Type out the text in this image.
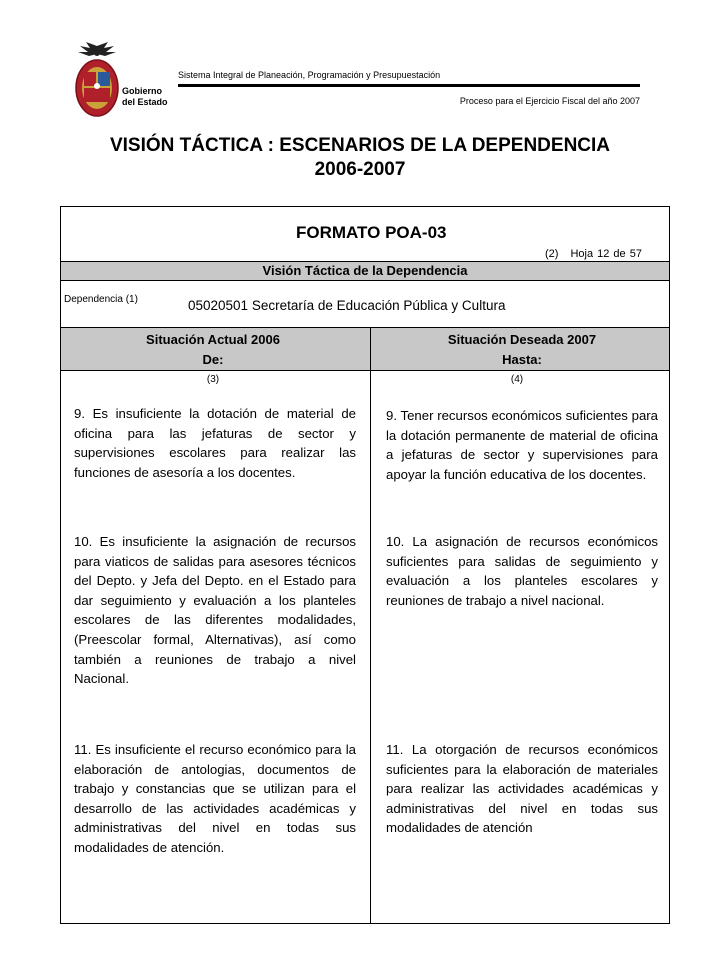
Gobierno
del Estado
Sistema Integral de Planeación, Programación y Presupuestación
Proceso para el Ejercicio Fiscal del año 2007
VISIÓN TÁCTICA : ESCENARIOS DE LA DEPENDENCIA
2006-2007
FORMATO POA-03
(2) Hoja 12 de 57
Visión Táctica de la Dependencia
Dependencia (1)	05020501 Secretaría de Educación Pública y Cultura
Situación Actual 2006
De:
Situación Deseada 2007
Hasta:
(3)	(4)
9. Es insuficiente la dotación de material de oficina para las jefaturas de sector y supervisiones escolares para realizar las funciones de asesoría a los docentes.
9. Tener recursos económicos suficientes para la dotación permanente de material de oficina a jefaturas de sector y supervisiones para apoyar la función educativa de los docentes.
10. Es insuficiente la asignación de recursos para viaticos de salidas para asesores técnicos del Depto. y Jefa del Depto. en el Estado para dar seguimiento y evaluación a los planteles escolares de las diferentes modalidades,(Preescolar formal, Alternativas), así como también a reuniones de trabajo a nivel Nacional.
10. La asignación de recursos económicos suficientes para salidas de seguimiento y evaluación a los planteles escolares y reuniones de trabajo a nivel nacional.
11. Es insuficiente el recurso económico para la elaboración de antologias, documentos de trabajo y constancias que se utilizan para el desarrollo de las actividades académicas y administrativas del nivel en todas sus modalidades de atención.
11. La otorgación de recursos económicos suficientes para la elaboración de materiales para realizar las actividades académicas y administrativas del nivel en todas sus modalidades de atención
